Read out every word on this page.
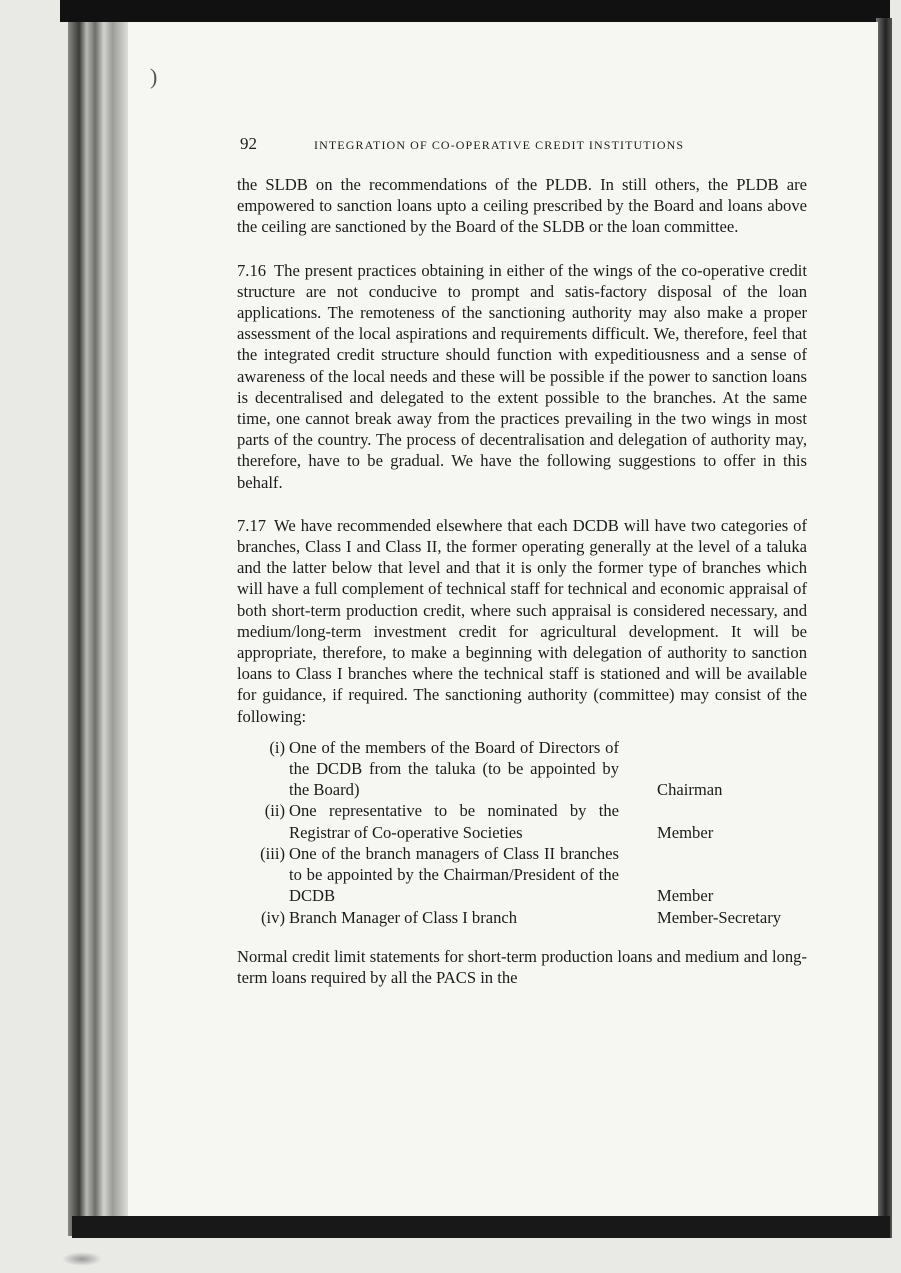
)
92	INTEGRATION OF CO-OPERATIVE CREDIT INSTITUTIONS

the SLDB on the recommendations of the PLDB. In still others, the PLDB are empowered to sanction loans upto a ceiling prescribed by the Board and loans above the ceiling are sanctioned by the Board of the SLDB or the loan committee.

7.16 The present practices obtaining in either of the wings of the co-operative credit structure are not conducive to prompt and satis-factory disposal of the loan applications. The remoteness of the sanctioning authority may also make a proper assessment of the local aspirations and requirements difficult. We, therefore, feel that the integrated credit structure should function with expeditiousness and a sense of awareness of the local needs and these will be possible if the power to sanction loans is decentralised and delegated to the extent possible to the branches. At the same time, one cannot break away from the practices prevailing in the two wings in most parts of the country. The process of decentralisation and delegation of authority may, therefore, have to be gradual. We have the following suggestions to offer in this behalf.

7.17 We have recommended elsewhere that each DCDB will have two categories of branches, Class I and Class II, the former operating generally at the level of a taluka and the latter below that level and that it is only the former type of branches which will have a full complement of technical staff for technical and economic appraisal of both short-term production credit, where such appraisal is considered necessary, and medium/long-term investment credit for agricultural development. It will be appropriate, therefore, to make a beginning with delegation of authority to sanction loans to Class I branches where the technical staff is stationed and will be available for guidance, if required. The sanctioning authority (committee) may consist of the following:

(i) One of the members of the Board of Directors of the DCDB from the taluka (to be appointed by the Board)	Chairman
(ii) One representative to be nominated by the Registrar of Co-operative Societies	Member
(iii) One of the branch managers of Class II branches to be appointed by the Chairman/President of the DCDB	Member
(iv) Branch Manager of Class I branch	Member-Secretary

Normal credit limit statements for short-term production loans and medium and long-term loans required by all the PACS in the
